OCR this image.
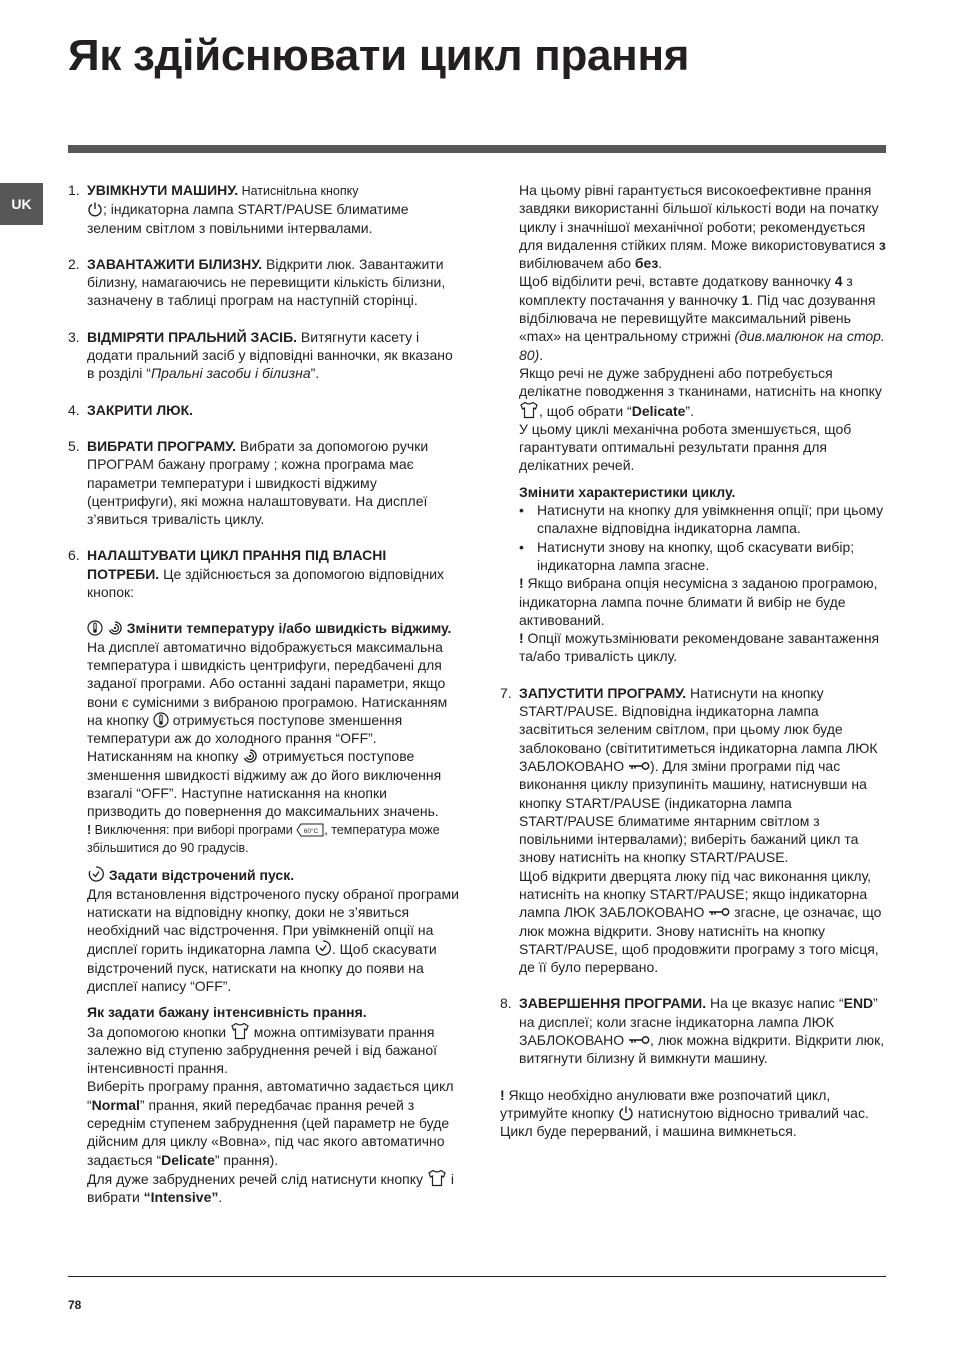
Як здійснювати цикл прання
UK

1. УВІМКНУТИ МАШИНУ. Натисніtльна кнопку
; індикаторна лампа START/PAUSE блиматиме зеленим світлом з повільними інтервалами.

2. ЗАВАНТАЖИТИ БІЛИЗНУ. Відкрити люк. Завантажити білизну, намагаючись не перевищити кількість білизни, зазначену в таблиці програм на наступній сторінці.

3. ВІДМІРЯТИ ПРАЛЬНИЙ ЗАСІБ. Витягнути касету і додати пральний засіб у відповідні ванночки, як вказано в розділі “Пральні засоби і білизна”.

4. ЗАКРИТИ ЛЮК.

5. ВИБРАТИ ПРОГРАМУ. Вибрати за допомогою ручки ПРОГРАМ бажану програму ; кожна програма має параметри температури і швидкості віджиму (центрифуги), які можна налаштовувати. На дисплеї з’явиться тривалість циклу.

6. НАЛАШТУВАТИ ЦИКЛ ПРАННЯ ПІД ВЛАСНІ ПОТРЕБИ. Це здійснюється за допомогою відповідних кнопок:

Змінити температуру і/або швидкість віджиму. На дисплеї автоматично відображується максимальна температура і швидкість центрифуги, передбачені для заданої програми. Або останні задані параметри, якщо вони є сумісними з вибраною програмою. Натисканням на кнопку отримується поступове зменшення температури аж до холодного прання “OFF”. Натисканням на кнопку  отримується поступове зменшення швидкості віджиму аж до його виключення взагалі “OFF”. Наступне натискання на кнопки призводить до повернення до максимальних значень.

! Виключення: при виборі програми 60°C , температура може збільшитися до 90 градусів.

Задати відстрочений пуск.
Для встановлення відстроченого пуску обраної програми натискати на відповідну кнопку, доки не з’явиться необхідний час відстрочення. При увімкненій опції на дисплеї горить індикаторна лампа . Щоб скасувати відстрочений пуск, натискати на кнопку до появи на дисплеї напису “OFF”.

Як задати бажану інтенсивність прання.
За допомогою кнопки  можна оптимізувати прання залежно від ступеню забруднення речей і від бажаної інтенсивності прання.
Виберіть програму прання, автоматично задається цикл “Normal” прання, який передбачає прання речей з середнім ступенем забруднення (цей параметр не буде дійсним для циклу «Вовна», під час якого автоматично задається “Delicate” прання).
Для дуже забруднених речей слід натиснути кнопку  і вибрати “Intensive”.

На цьому рівні гарантується високоефективне прання завдяки використанні більшої кількості води на початку циклу і значнішої механічної роботи; рекомендується для видалення стійких плям. Може використовуватися з вибілювачем або без.

Щоб відбілити речі, вставте додаткову ванночку 4 з комплекту постачання у ванночку 1. Під час дозування відбілювача не перевищуйте максимальний рівень «max» на центральному стрижні (див.малюнок на стор. 80).

Якщо речі не дуже забруднені або потребується делікатне поводження з тканинами, натисніть на кнопку , щоб обрати “Delicate”.

У цьому циклі механічна робота зменшується, щоб гарантувати оптимальні результати прання для делікатних речей.

Змінити характеристики циклу.

• Натиснути на кнопку для увімкнення опції; при цьому спалахне відповідна індикаторна лампа.

• Натиснути знову на кнопку, щоб скасувати вибір; індикаторна лампа згасне.

! Якщо вибрана опція несумісна з заданою програмою, індикаторна лампа почне блимати й вибір не буде активований.

! Опції можутьзмінювати рекомендоване завантаження та/або тривалість циклу.

7. ЗАПУСТИТИ ПРОГРАМУ. Натиснути на кнопку START/PAUSE. Відповідна індикаторна лампа засвітиться зеленим світлом, при цьому люк буде заблоковано (світититиметься індикаторна лампа ЛЮК ЗАБЛОКОВАНО ). Для зміни програми під час виконання циклу призупиніть машину, натиснувши на кнопку START/PAUSE (індикаторна лампа START/PAUSE блиматиме янтарним світлом з повільними інтервалами); виберіть бажаний цикл та знову натисніть на кнопку START/PAUSE.
Щоб відкрити дверцята люку під час виконання циклу, натисніть на кнопку START/PAUSE; якщо індикаторна лампа ЛЮК ЗАБЛОКОВАНО  згасне, це означає, що люк можна відкрити. Знову натисніть на кнопку START/PAUSE, щоб продовжити програму з того місця, де її було перервано.

8. ЗАВЕРШЕННЯ ПРОГРАМИ. На це вказує напис “END” на дисплеї; коли згасне індикаторна лампа ЛЮК ЗАБЛОКОВАНО , люк можна відкрити. Відкрити люк, витягнути білизну й вимкнути машину.

! Якщо необхідно анулювати вже розпочатий цикл, утримуйте кнопку  натиснутою відносно тривалий час. Цикл буде перерваний, і машина вимкнеться.

78
